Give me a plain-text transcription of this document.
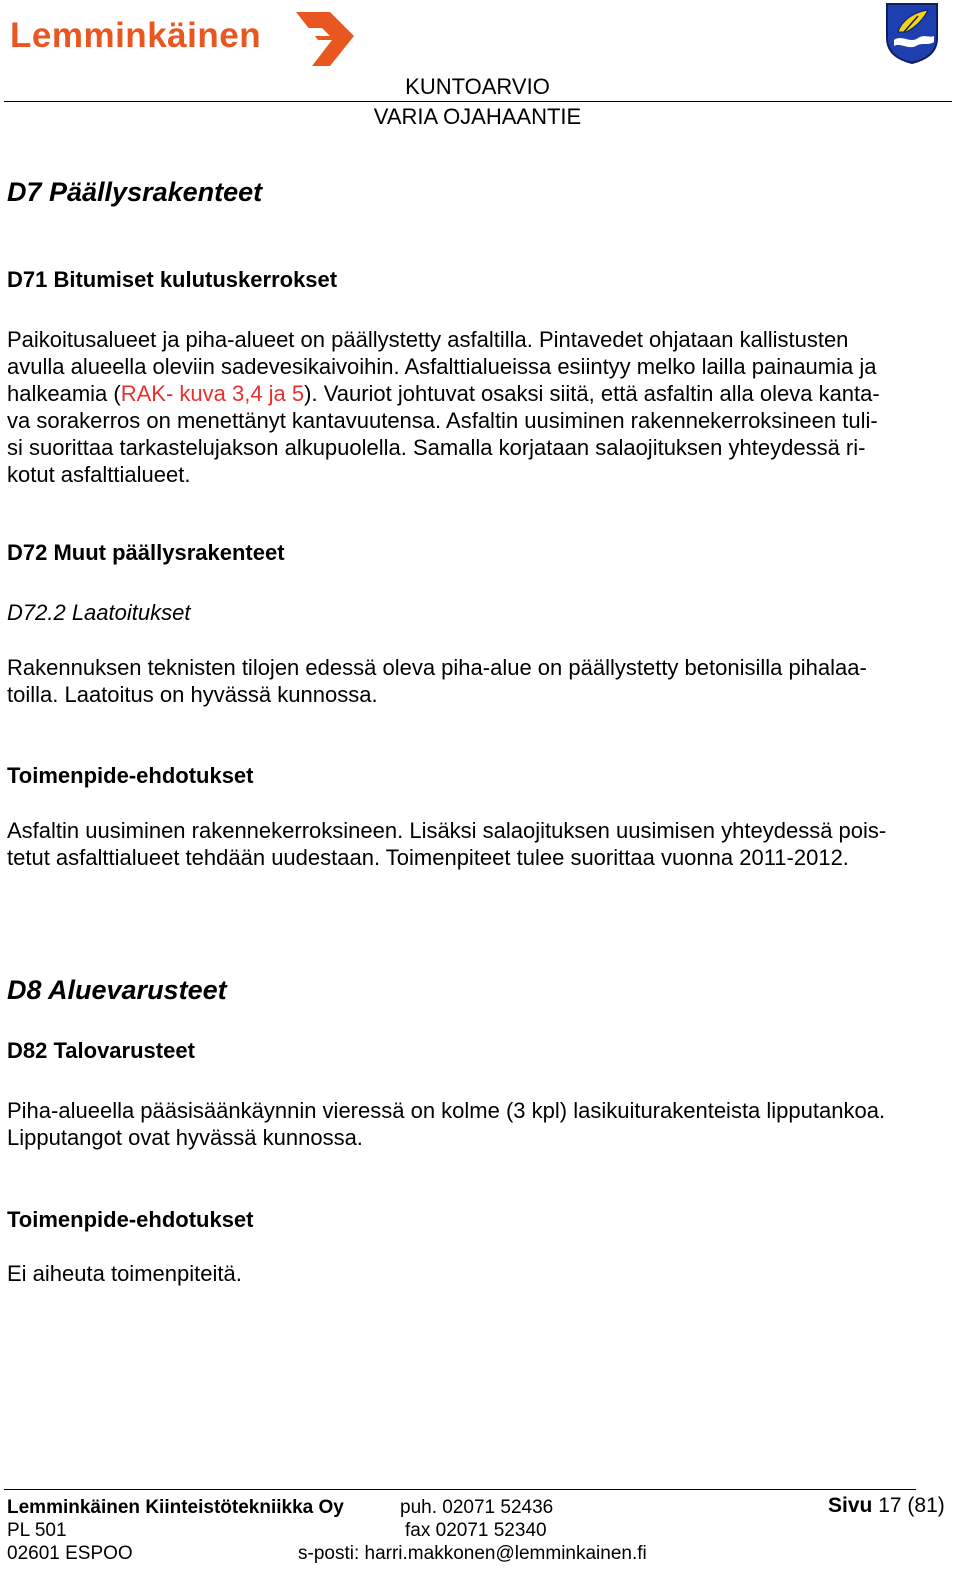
Lemminkäinen
KUNTOARVIO
VARIA OJAHAANTIE
D7 Päällysrakenteet
D71 Bitumiset kulutuskerrokset
Paikoitusalueet ja piha-alueet on päällystetty asfaltilla. Pintavedet ohjataan kallistusten
avulla alueella oleviin sadevesikaivoihin. Asfalttialueissa esiintyy melko lailla painaumia ja
halkeamia (RAK- kuva 3,4 ja 5). Vauriot johtuvat osaksi siitä, että asfaltin alla oleva kanta-
va sorakerros on menettänyt kantavuutensa. Asfaltin uusiminen rakennekerroksineen tuli-
si suorittaa tarkastelujakson alkupuolella. Samalla korjataan salaojituksen yhteydessä ri-
kotut asfalttialueet.
D72 Muut päällysrakenteet
D72.2 Laatoitukset
Rakennuksen teknisten tilojen edessä oleva piha-alue on päällystetty betonisilla pihalaa-
toilla. Laatoitus on hyvässä kunnossa.
Toimenpide-ehdotukset
Asfaltin uusiminen rakennekerroksineen. Lisäksi salaojituksen uusimisen yhteydessä pois-
tetut asfalttialueet tehdään uudestaan. Toimenpiteet tulee suorittaa vuonna 2011-2012.
D8 Aluevarusteet
D82 Talovarusteet
Piha-alueella pääsisäänkäynnin vieressä on kolme (3 kpl) lasikuiturakenteista lipputankoa.
Lipputangot ovat hyvässä kunnossa.
Toimenpide-ehdotukset
Ei aiheuta toimenpiteitä.
Lemminkäinen Kiinteistötekniikka Oy
PL 501
02601 ESPOO
puh. 02071 52436
fax 02071 52340
s-posti: harri.makkonen@lemminkainen.fi
Sivu 17 (81)
